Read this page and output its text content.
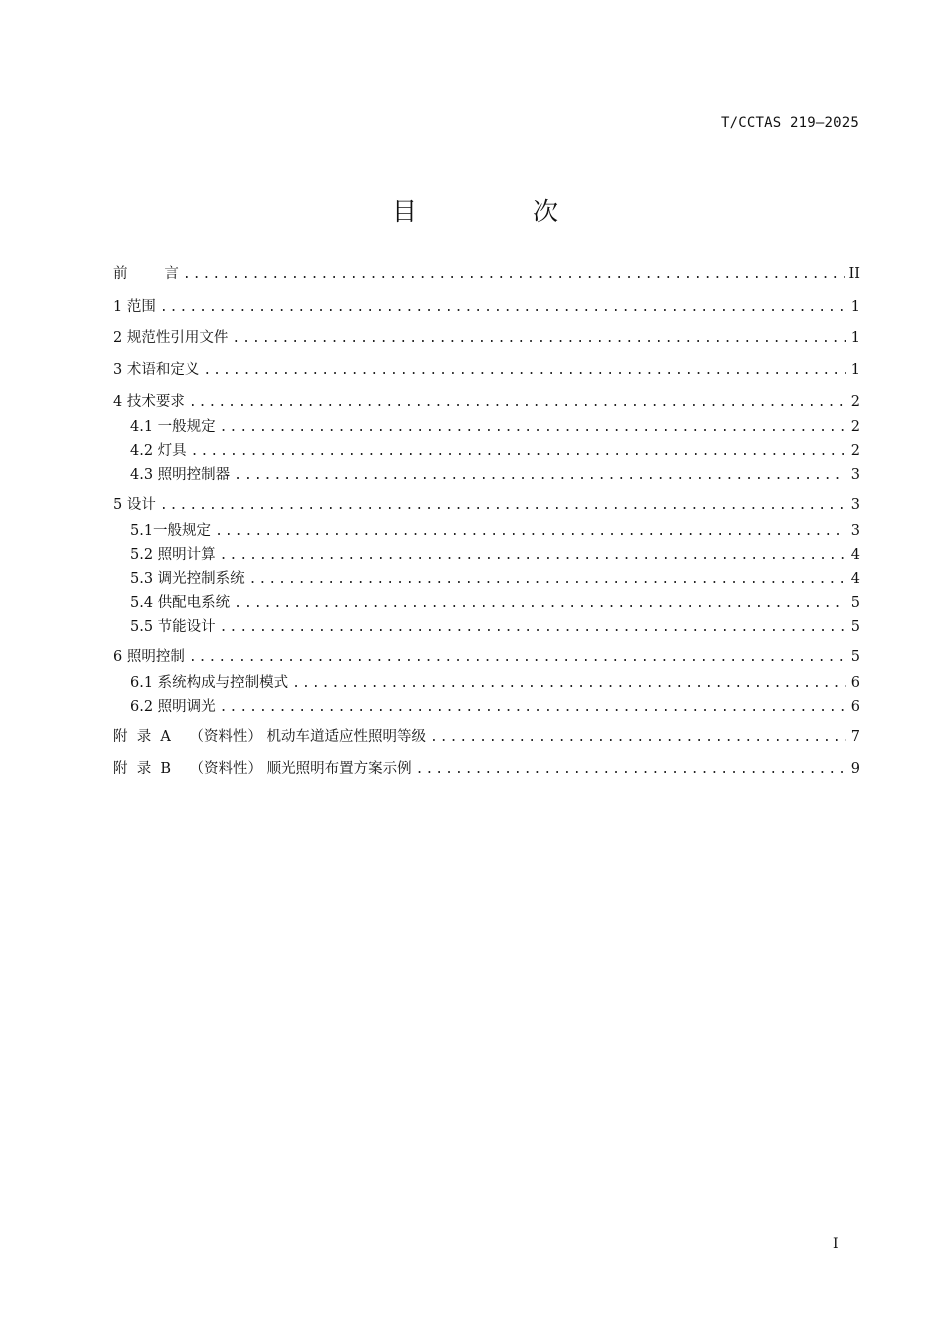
T/CCTAS 219—2025
目 次
前        言 .....	II
1 范围 .....	1
2 规范性引用文件 .....	1
3 术语和定义 .....	1
4 技术要求 .....	2
4.1 一般规定 .....	2
4.2 灯具 .....	2
4.3 照明控制器 .....	3
5 设计 .....	3
5.1一般规定 .....	3
5.2 照明计算 .....	4
5.3 调光控制系统 .....	4
5.4 供配电系统 .....	5
5.5 节能设计 .....	5
6 照明控制 .....	5
6.1 系统构成与控制模式 .....	6
6.2 照明调光 .....	6
附  录  A    （资料性） 机动车道适应性照明等级 .....	7
附  录  B    （资料性） 顺光照明布置方案示例 .....	9
I
